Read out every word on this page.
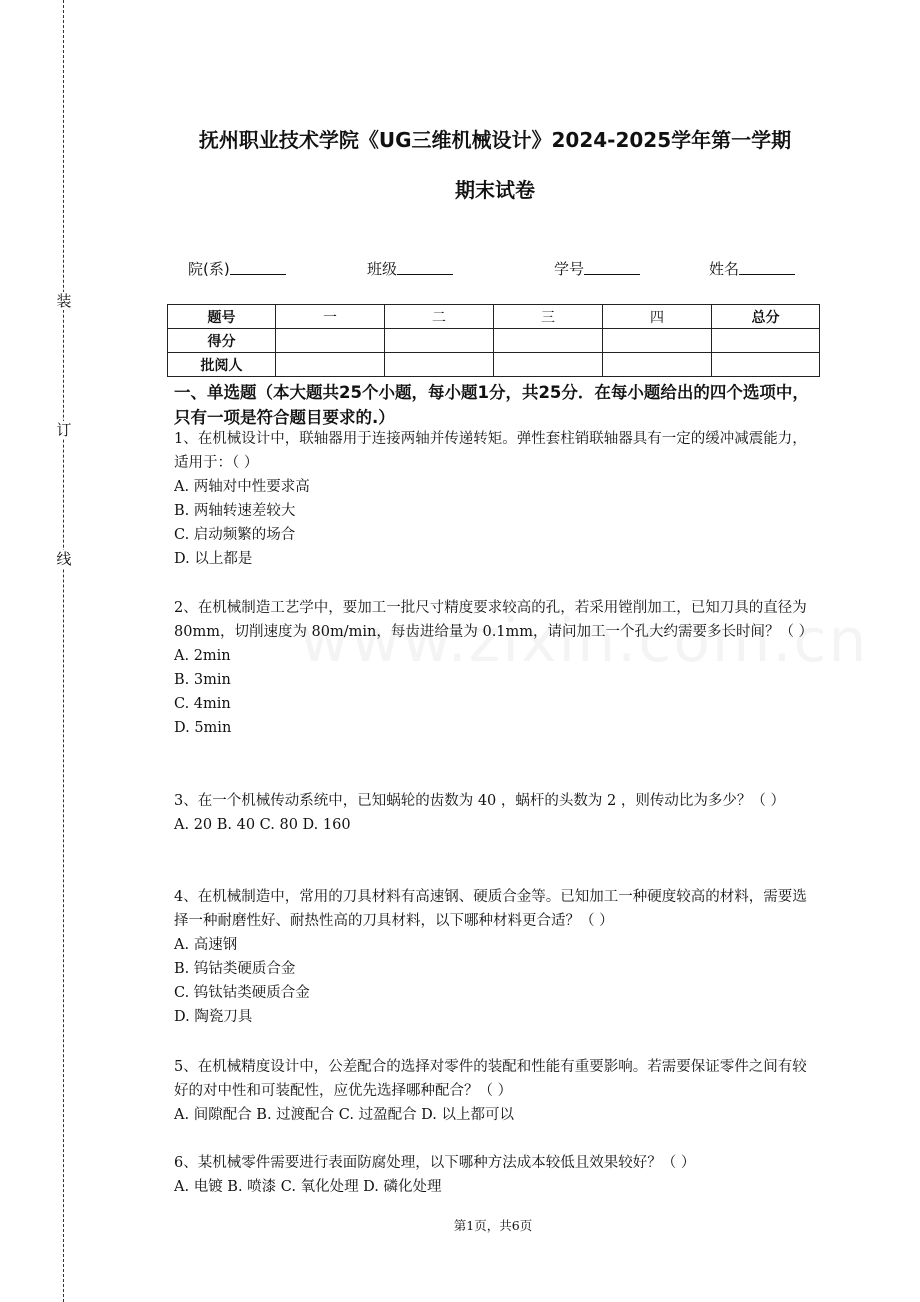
装
订
线
抚州职业技术学院《UG三维机械设计》2024-2025学年第一学期
期末试卷
院(系)	班级	学号	姓名
题号	一	二	三	四	总分
得分					
批阅人					
一、单选题（本大题共25个小题，每小题1分，共25分．在每小题给出的四个选项中，只有一项是符合题目要求的.）

1、在机械设计中，联轴器用于连接两轴并传递转矩。弹性套柱销联轴器具有一定的缓冲减震能力，适用于：（ ）

A. 两轴对中性要求高

B. 两轴转速差较大

C. 启动频繁的场合

D. 以上都是

2、在机械制造工艺学中，要加工一批尺寸精度要求较高的孔，若采用镗削加工，已知刀具的直径为 80mm，切削速度为 80m/min，每齿进给量为 0.1mm，请问加工一个孔大约需要多长时间？（ ）

A. 2min

B. 3min

C. 4min

D. 5min

3、在一个机械传动系统中，已知蜗轮的齿数为 40 ，蜗杆的头数为 2 ，则传动比为多少？（ ）

A. 20 B. 40 C. 80 D. 160

4、在机械制造中，常用的刀具材料有高速钢、硬质合金等。已知加工一种硬度较高的材料，需要选择一种耐磨性好、耐热性高的刀具材料，以下哪种材料更合适？（ ）

A. 高速钢

B. 钨钴类硬质合金

C. 钨钛钴类硬质合金

D. 陶瓷刀具

5、在机械精度设计中，公差配合的选择对零件的装配和性能有重要影响。若需要保证零件之间有较好的对中性和可装配性，应优先选择哪种配合？（ ）

A. 间隙配合 B. 过渡配合 C. 过盈配合 D. 以上都可以

6、某机械零件需要进行表面防腐处理，以下哪种方法成本较低且效果较好？（ ）

A. 电镀 B. 喷漆 C. 氧化处理 D. 磷化处理

第1页，共6页
